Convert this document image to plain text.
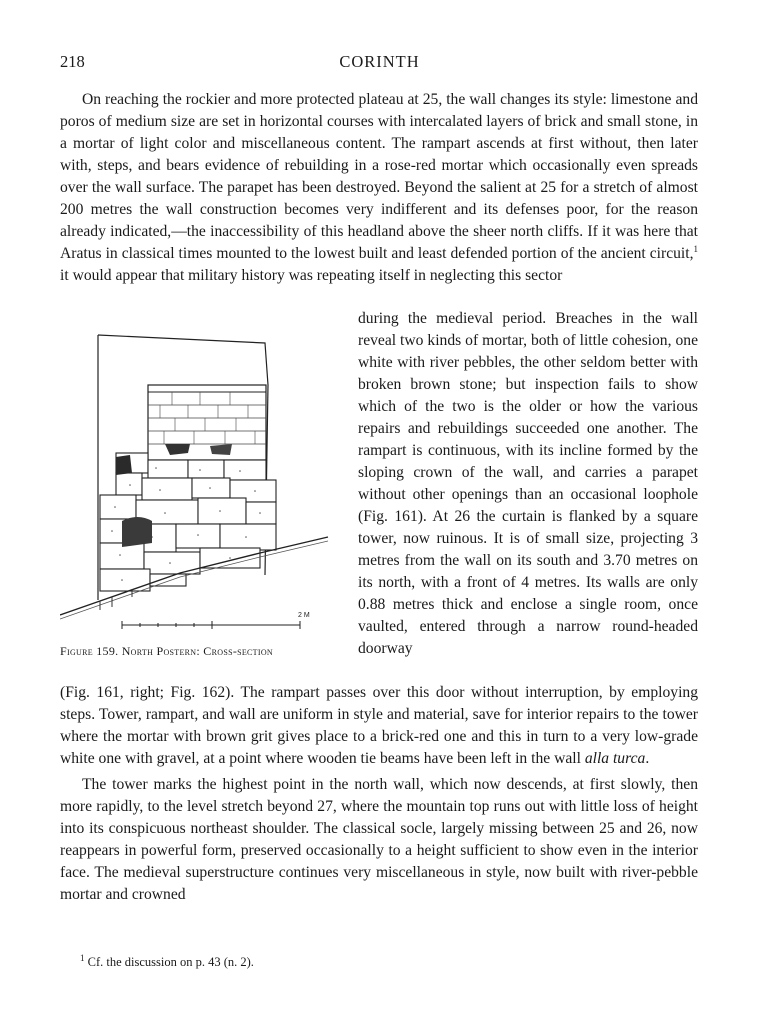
218	CORINTH

On reaching the rockier and more protected plateau at 25, the wall changes its style: limestone and poros of medium size are set in horizontal courses with intercalated layers of brick and small stone, in a mortar of light color and miscellaneous content. The rampart ascends at first without, then later with, steps, and bears evidence of rebuilding in a rose-red mortar which occasionally even spreads over the wall surface. The parapet has been destroyed. Beyond the salient at 25 for a stretch of almost 200 metres the wall construction becomes very indifferent and its defenses poor, for the reason already indicated,—the inaccessibility of this headland above the sheer north cliffs. If it was here that Aratus in classical times mounted to the lowest built and least defended portion of the ancient circuit,$^1$ it would appear that military history was repeating itself in neglecting this sector

2 M
Figure 159. North Postern: Cross-section

during the medieval period. Breaches in the wall reveal two kinds of mortar, both of little cohesion, one white with river pebbles, the other seldom better with broken brown stone; but inspection fails to show which of the two is the older or how the various repairs and rebuildings succeeded one another. The rampart is continuous, with its incline formed by the sloping crown of the wall, and carries a parapet without other openings than an occasional loophole (Fig. 161). At 26 the curtain is flanked by a square tower, now ruinous. It is of small size, projecting 3 metres from the wall on its south and 3.70 metres on its north, with a front of 4 metres. Its walls are only 0.88 metres thick and enclose a single room, once vaulted, entered through a narrow round-headed doorway

(Fig. 161, right; Fig. 162). The rampart passes over this door without interruption, by employing steps. Tower, rampart, and wall are uniform in style and material, save for interior repairs to the tower where the mortar with brown grit gives place to a brick-red one and this in turn to a very low-grade white one with gravel, at a point where wooden tie beams have been left in the wall alla turca.

The tower marks the highest point in the north wall, which now descends, at first slowly, then more rapidly, to the level stretch beyond 27, where the mountain top runs out with little loss of height into its conspicuous northeast shoulder. The classical socle, largely missing between 25 and 26, now reappears in powerful form, preserved occasionally to a height sufficient to show even in the interior face. The medieval superstructure continues very miscellaneous in style, now built with river-pebble mortar and crowned

$^1$ Cf. the discussion on p. 43 (n. 2).
